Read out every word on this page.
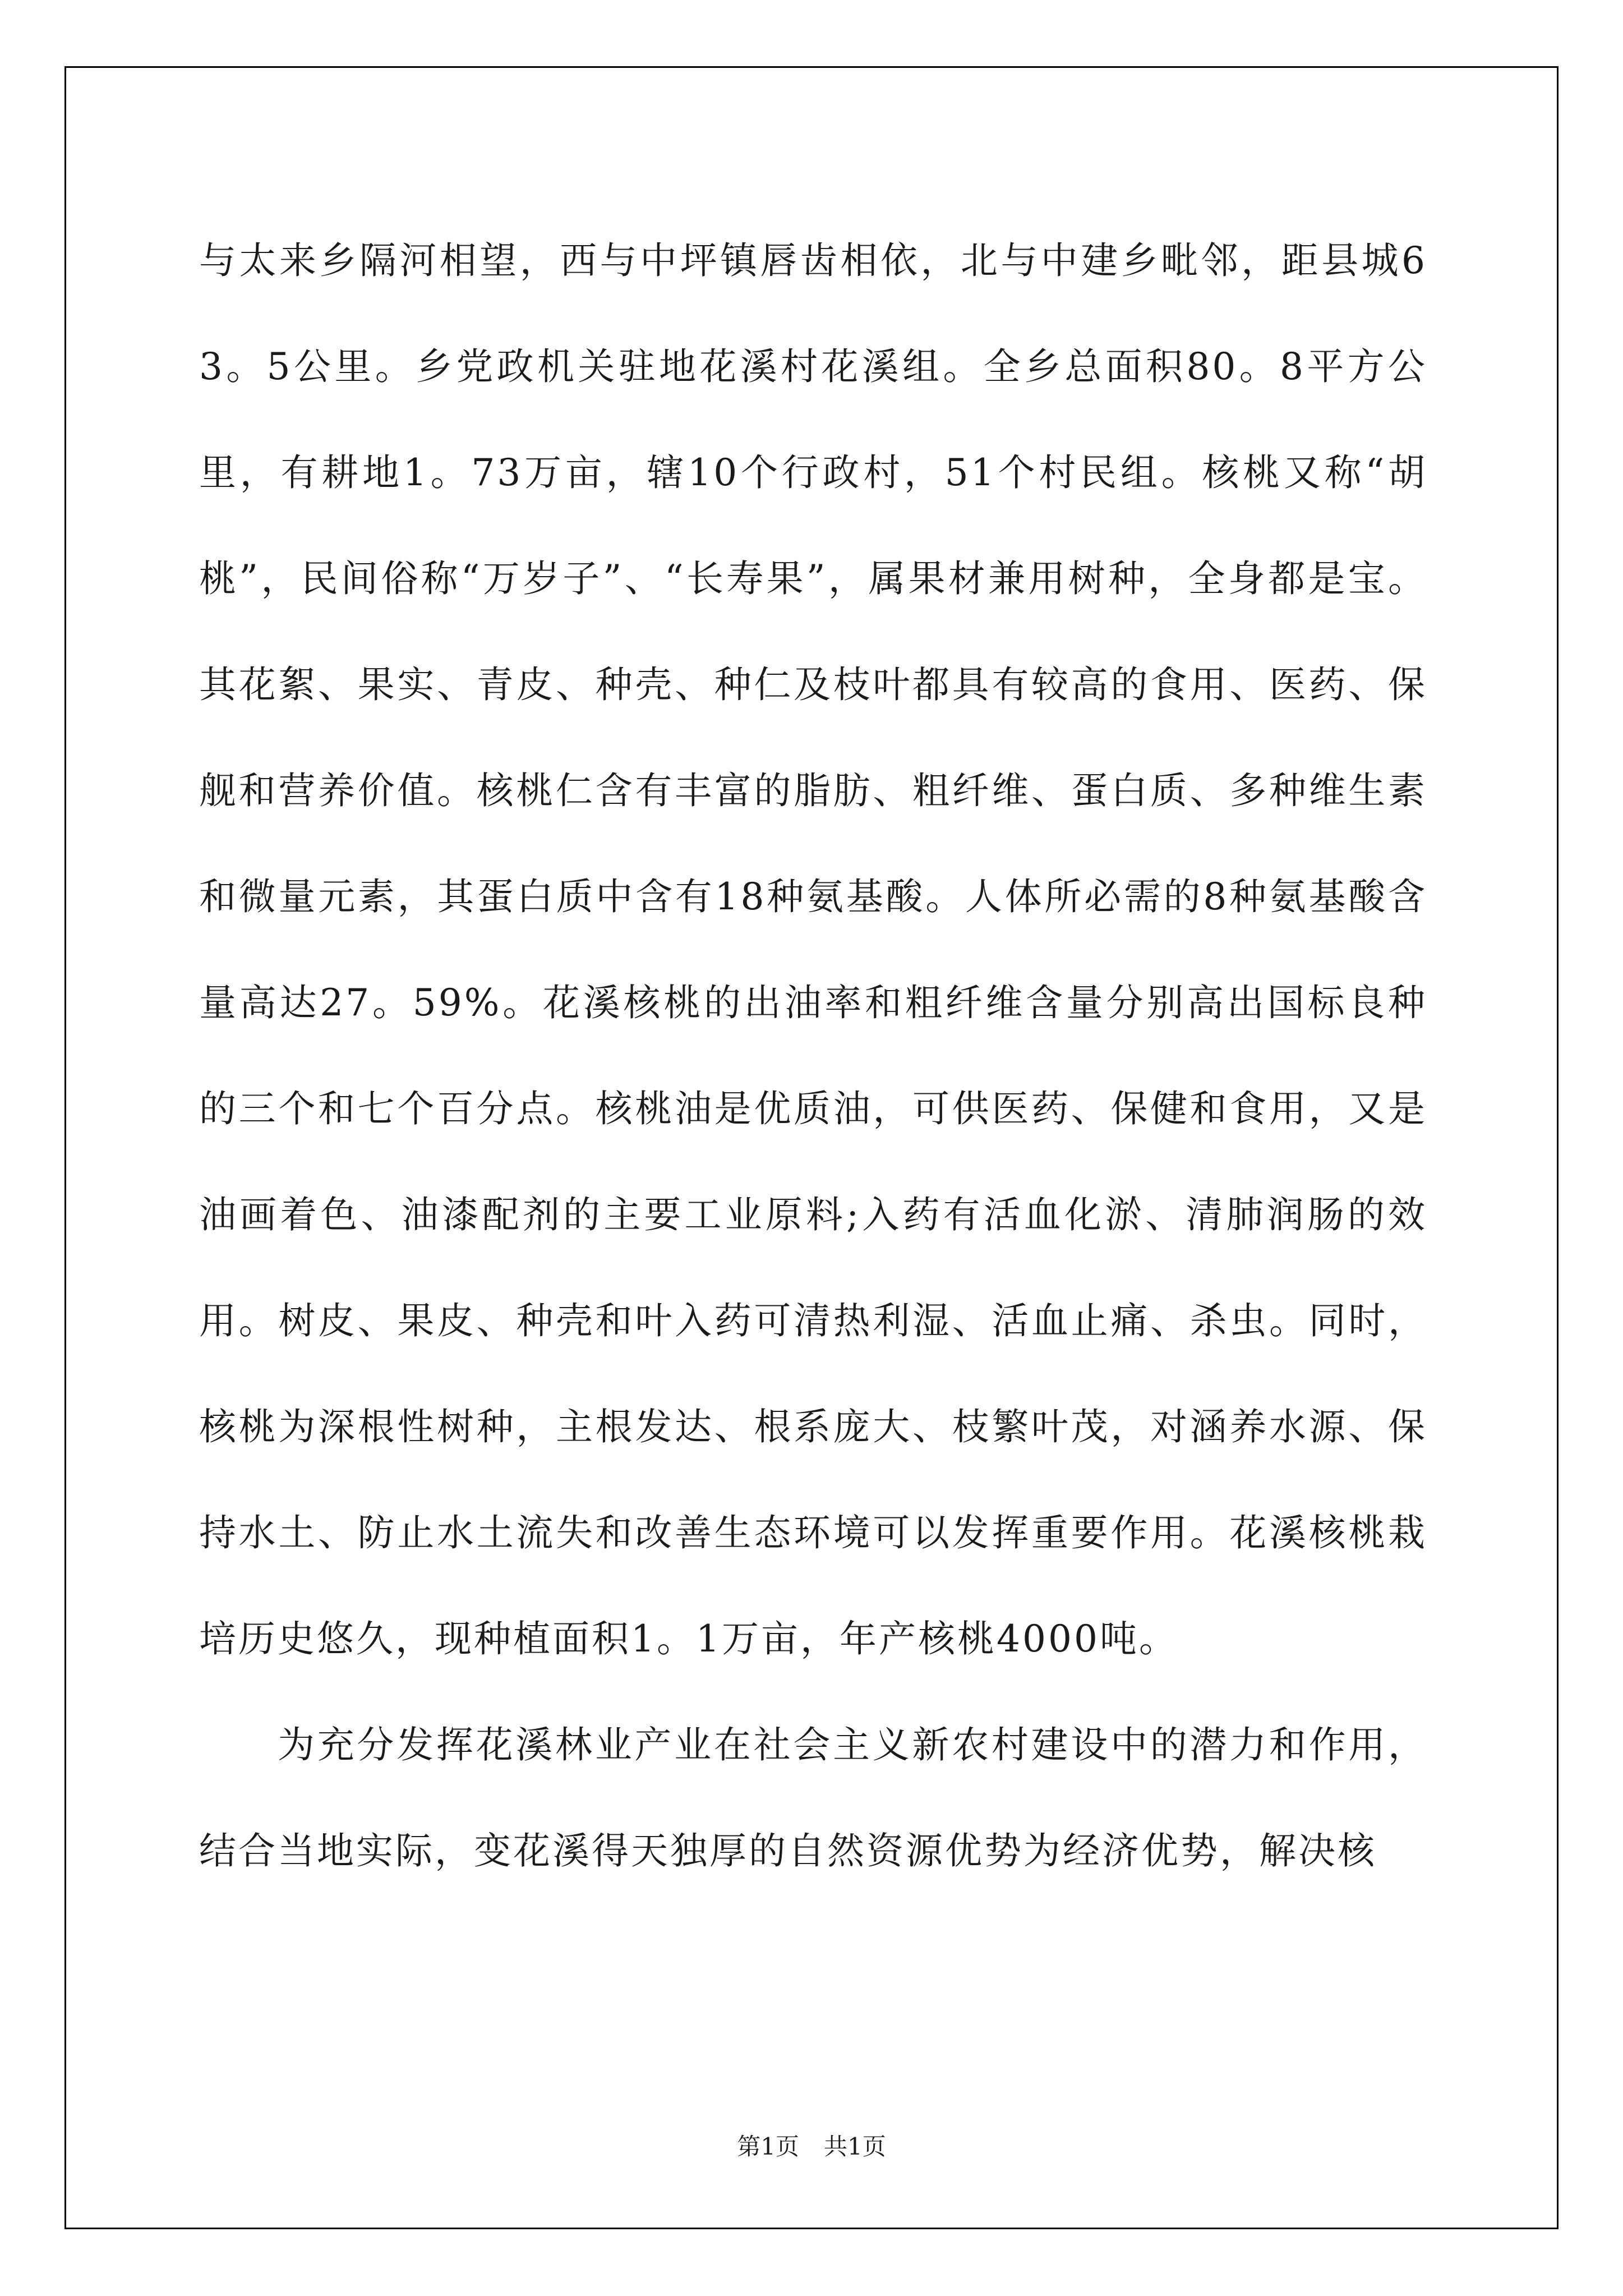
与太来乡隔河相望，西与中坪镇唇齿相依，北与中建乡毗邻，距县城63。5公里。乡党政机关驻地花溪村花溪组。全乡总面积80。8平方公里，有耕地1。73万亩，辖10个行政村，51个村民组。核桃又称“胡桃”，民间俗称“万岁子”、“长寿果”，属果材兼用树种，全身都是宝。其花絮、果实、青皮、种壳、种仁及枝叶都具有较高的食用、医药、保舰和营养价值。核桃仁含有丰富的脂肪、粗纤维、蛋白质、多种维生素和微量元素，其蛋白质中含有18种氨基酸。人体所必需的8种氨基酸含量高达27。59%。花溪核桃的出油率和粗纤维含量分别高出国标良种的三个和七个百分点。核桃油是优质油，可供医药、保健和食用，又是油画着色、油漆配剂的主要工业原料;入药有活血化淤、清肺润肠的效用。树皮、果皮、种壳和叶入药可清热利湿、活血止痛、杀虫。同时，核桃为深根性树种，主根发达、根系庞大、枝繁叶茂，对涵养水源、保持水土、防止水土流失和改善生态环境可以发挥重要作用。花溪核桃栽培历史悠久，现种植面积1。1万亩，年产核桃4000吨。

为充分发挥花溪林业产业在社会主义新农村建设中的潜力和作用，结合当地实际，变花溪得天独厚的自然资源优势为经济优势，解决核

第1页 共1页
